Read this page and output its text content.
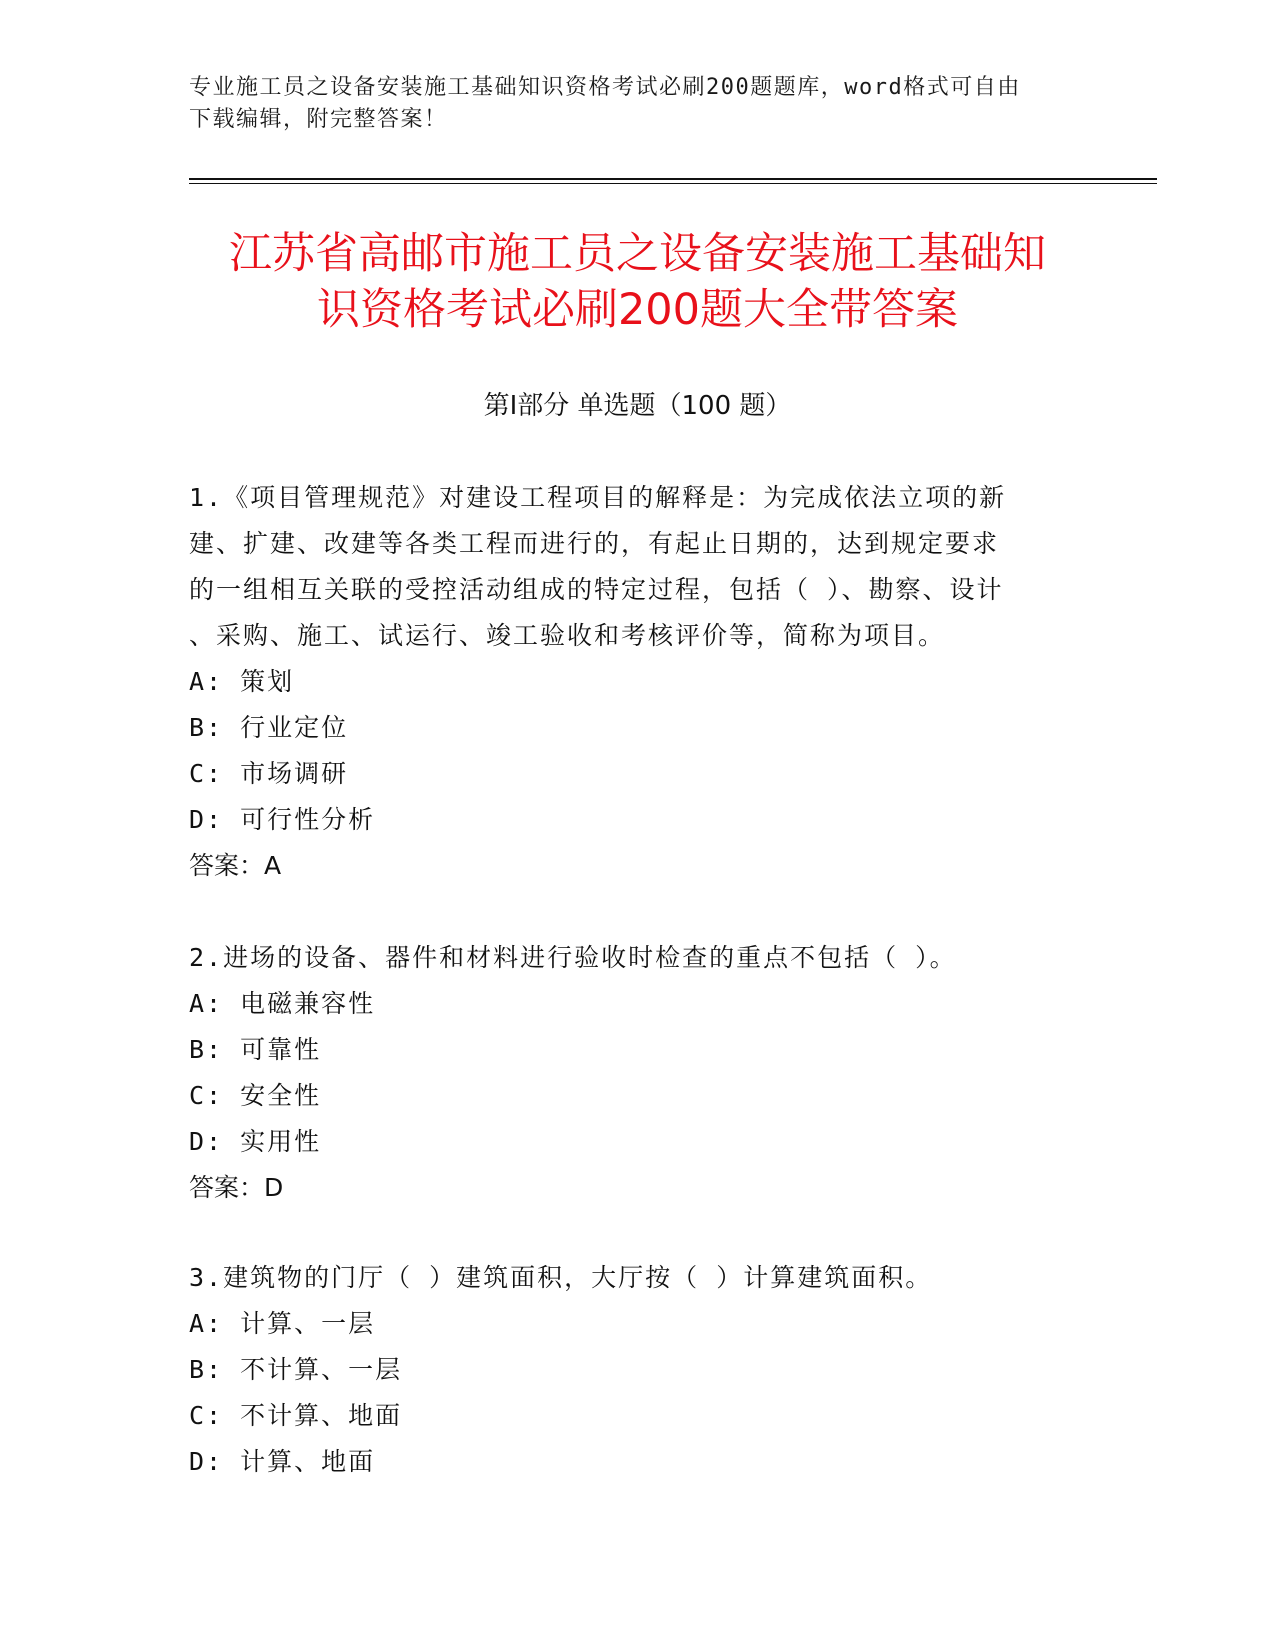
专业施工员之设备安装施工基础知识资格考试必刷200题题库，word格式可自由
下载编辑，附完整答案！
江苏省高邮市施工员之设备安装施工基础知
识资格考试必刷200题大全带答案
第Ⅰ部分 单选题（100 题）
1.《项目管理规范》对建设工程项目的解释是：为完成依法立项的新
建、扩建、改建等各类工程而进行的，有起止日期的，达到规定要求
的一组相互关联的受控活动组成的特定过程，包括（ ）、勘察、设计
、采购、施工、试运行、竣工验收和考核评价等，简称为项目。
A: 策划
B: 行业定位
C: 市场调研
D: 可行性分析
答案：A
2.进场的设备、器件和材料进行验收时检查的重点不包括（ ）。
A: 电磁兼容性
B: 可靠性
C: 安全性
D: 实用性
答案：D
3.建筑物的门厅（ ）建筑面积，大厅按（ ）计算建筑面积。
A: 计算、一层
B: 不计算、一层
C: 不计算、地面
D: 计算、地面
